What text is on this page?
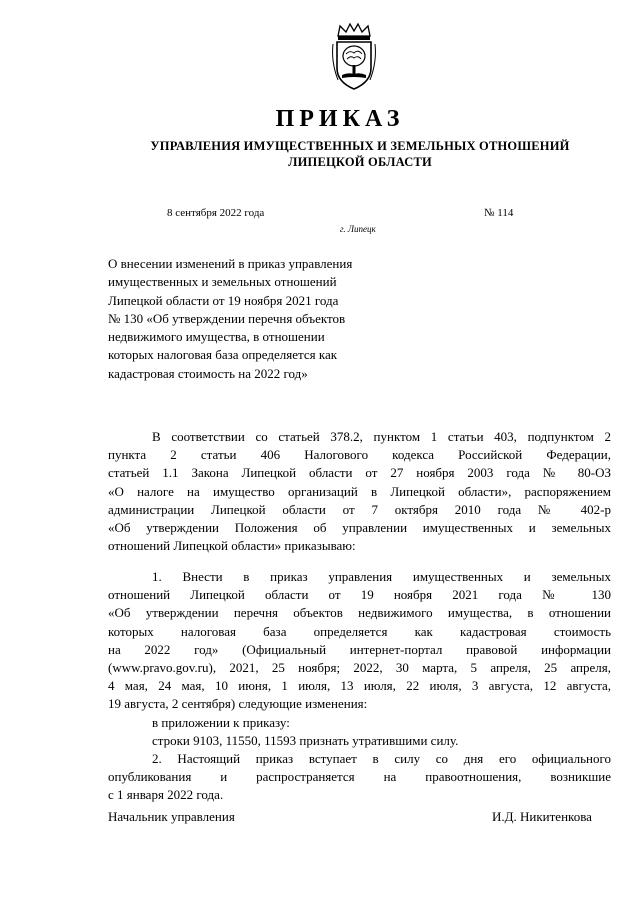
ПРИКАЗ
УПРАВЛЕНИЯ ИМУЩЕСТВЕННЫХ И ЗЕМЕЛЬНЫХ ОТНОШЕНИЙ
ЛИПЕЦКОЙ ОБЛАСТИ
8 сентября 2022 года	№ 114
г. Липецк
О внесении изменений в приказ управления
имущественных и земельных отношений
Липецкой области от 19 ноября 2021 года
№ 130 «Об утверждении перечня объектов
недвижимого имущества, в отношении
которых налоговая база определяется как
кадастровая стоимость на 2022 год»
В соответствии со статьей 378.2, пунктом 1 статьи 403, подпунктом 2
пункта 2 статьи 406 Налогового кодекса Российской Федерации,
статьей 1.1 Закона Липецкой области от 27 ноября 2003 года № 80-ОЗ
«О налоге на имущество организаций в Липецкой области», распоряжением
администрации Липецкой области от 7 октября 2010 года № 402-р
«Об утверждении Положения об управлении имущественных и земельных
отношений Липецкой области» приказываю:
1. Внести в приказ управления имущественных и земельных
отношений Липецкой области от 19 ноября 2021 года № 130
«Об утверждении перечня объектов недвижимого имущества, в отношении
которых налоговая база определяется как кадастровая стоимость
на 2022 год» (Официальный интернет-портал правовой информации
(www.pravo.gov.ru), 2021, 25 ноября; 2022, 30 марта, 5 апреля, 25 апреля,
4 мая, 24 мая, 10 июня, 1 июля, 13 июля, 22 июля, 3 августа, 12 августа,
19 августа, 2 сентября) следующие изменения:
в приложении к приказу:
строки 9103, 11550, 11593 признать утратившими силу.
2. Настоящий приказ вступает в силу со дня его официального
опубликования и распространяется на правоотношения, возникшие
с 1 января 2022 года.
Начальник управления	И.Д. Никитенкова
